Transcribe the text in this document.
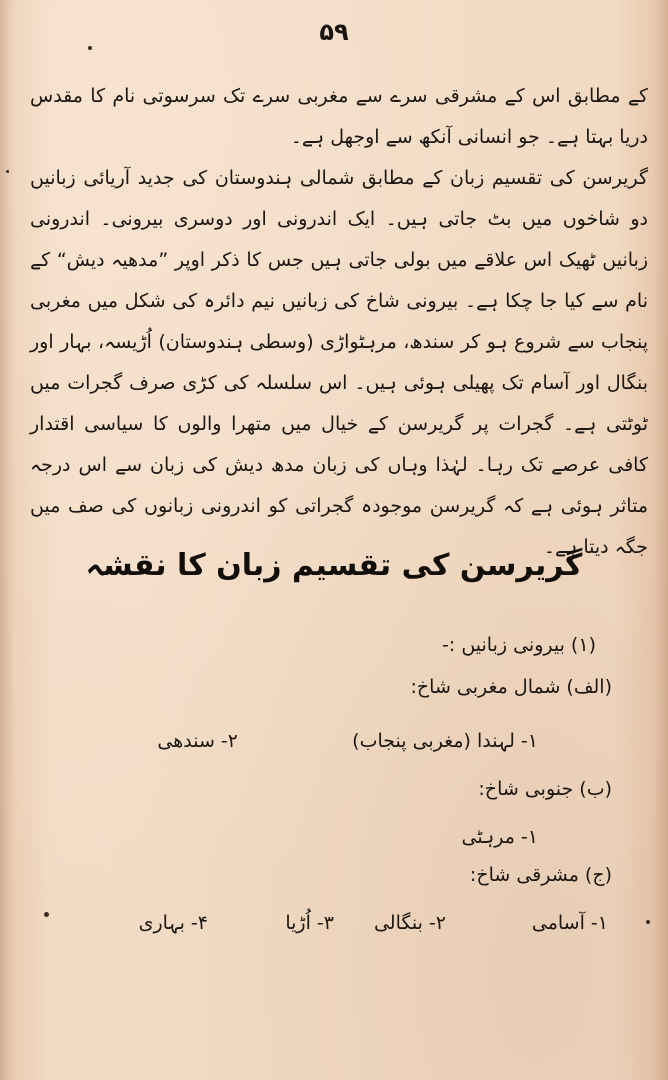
۵۹

کے مطابق اس کے مشرقی سرے سے مغربی سرے تک سرسوتی نام کا مقدس دریا بہتا ہے۔ جو انسانی آنکھ سے اوجھل ہے۔

گریرسن کی تقسیم زبان کے مطابق شمالی ہندوستان کی جدید آریائی زبانیں دو شاخوں میں بٹ جاتی ہیں۔ ایک اندرونی اور دوسری بیرونی۔ اندرونی زبانیں ٹھیک اس علاقے میں بولی جاتی ہیں جس کا ذکر اوپر ”مدھیہ دیش“ کے نام سے کیا جا چکا ہے۔ بیرونی شاخ کی زبانیں نیم دائرہ کی شکل میں مغربی پنجاب سے شروع ہو کر سندھ، مرہٹواڑی (وسطی ہندوستان) اُڑیسہ، بہار اور بنگال اور آسام تک پھیلی ہوئی ہیں۔ اس سلسلہ کی کڑی صرف گجرات میں ٹوٹتی ہے۔ گجرات پر گریرسن کے خیال میں متھرا والوں کا سیاسی اقتدار کافی عرصے تک رہا۔ لہٰذا وہاں کی زبان مدھ دیش کی زبان سے اس درجہ متاثر ہوئی ہے کہ گریرسن موجودہ گجراتی کو اندرونی زبانوں کی صف میں جگہ دیتا ہے۔

گریرسن کی تقسیم زبان کا نقشہ
(۱) بیرونی زبانیں :-
(الف) شمال مغربی شاخ:
۱- لہندا (مغربی پنجاب)
۲- سندھی
(ب) جنوبی شاخ:
۱- مرہٹی
(ج) مشرقی شاخ:
۱- آسامی
۲- بنگالی
۳- اُڑیا
۴- بہاری
